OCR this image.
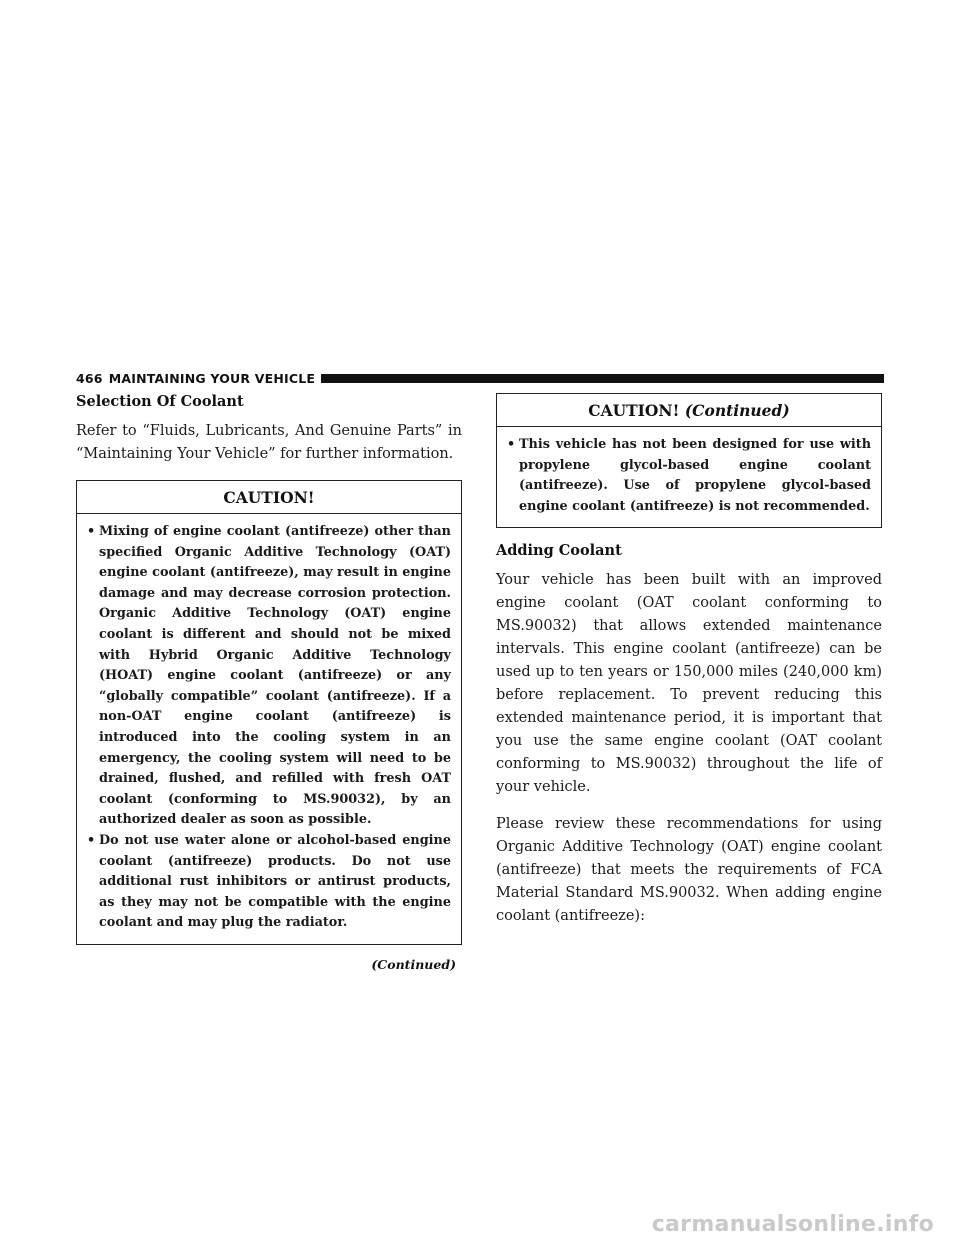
466 MAINTAINING YOUR VEHICLE
Selection Of Coolant

Refer to “Fluids, Lubricants, And Genuine Parts” in “Maintaining Your Vehicle” for further information.

CAUTION!
• Mixing of engine coolant (antifreeze) other than specified Organic Additive Technology (OAT) engine coolant (antifreeze), may result in engine damage and may decrease corrosion protection. Organic Additive Technology (OAT) engine coolant is different and should not be mixed with Hybrid Organic Additive Technology (HOAT) engine coolant (antifreeze) or any “globally compatible” coolant (antifreeze). If a non-OAT engine coolant (antifreeze) is introduced into the cooling system in an emergency, the cooling system will need to be drained, flushed, and refilled with fresh OAT coolant (conforming to MS.90032), by an authorized dealer as soon as possible.
• Do not use water alone or alcohol-based engine coolant (antifreeze) products. Do not use additional rust inhibitors or antirust products, as they may not be compatible with the engine coolant and may plug the radiator.
(Continued)
CAUTION! (Continued)
• This vehicle has not been designed for use with propylene glycol-based engine coolant (antifreeze). Use of propylene glycol-based engine coolant (antifreeze) is not recommended.
Adding Coolant

Your vehicle has been built with an improved engine coolant (OAT coolant conforming to MS.90032) that allows extended maintenance intervals. This engine coolant (antifreeze) can be used up to ten years or 150,000 miles (240,000 km) before replacement. To prevent reducing this extended maintenance period, it is important that you use the same engine coolant (OAT coolant conforming to MS.90032) throughout the life of your vehicle.

Please review these recommendations for using Organic Additive Technology (OAT) engine coolant (antifreeze) that meets the requirements of FCA Material Standard MS.90032. When adding engine coolant (antifreeze):

carmanualsonline.info
